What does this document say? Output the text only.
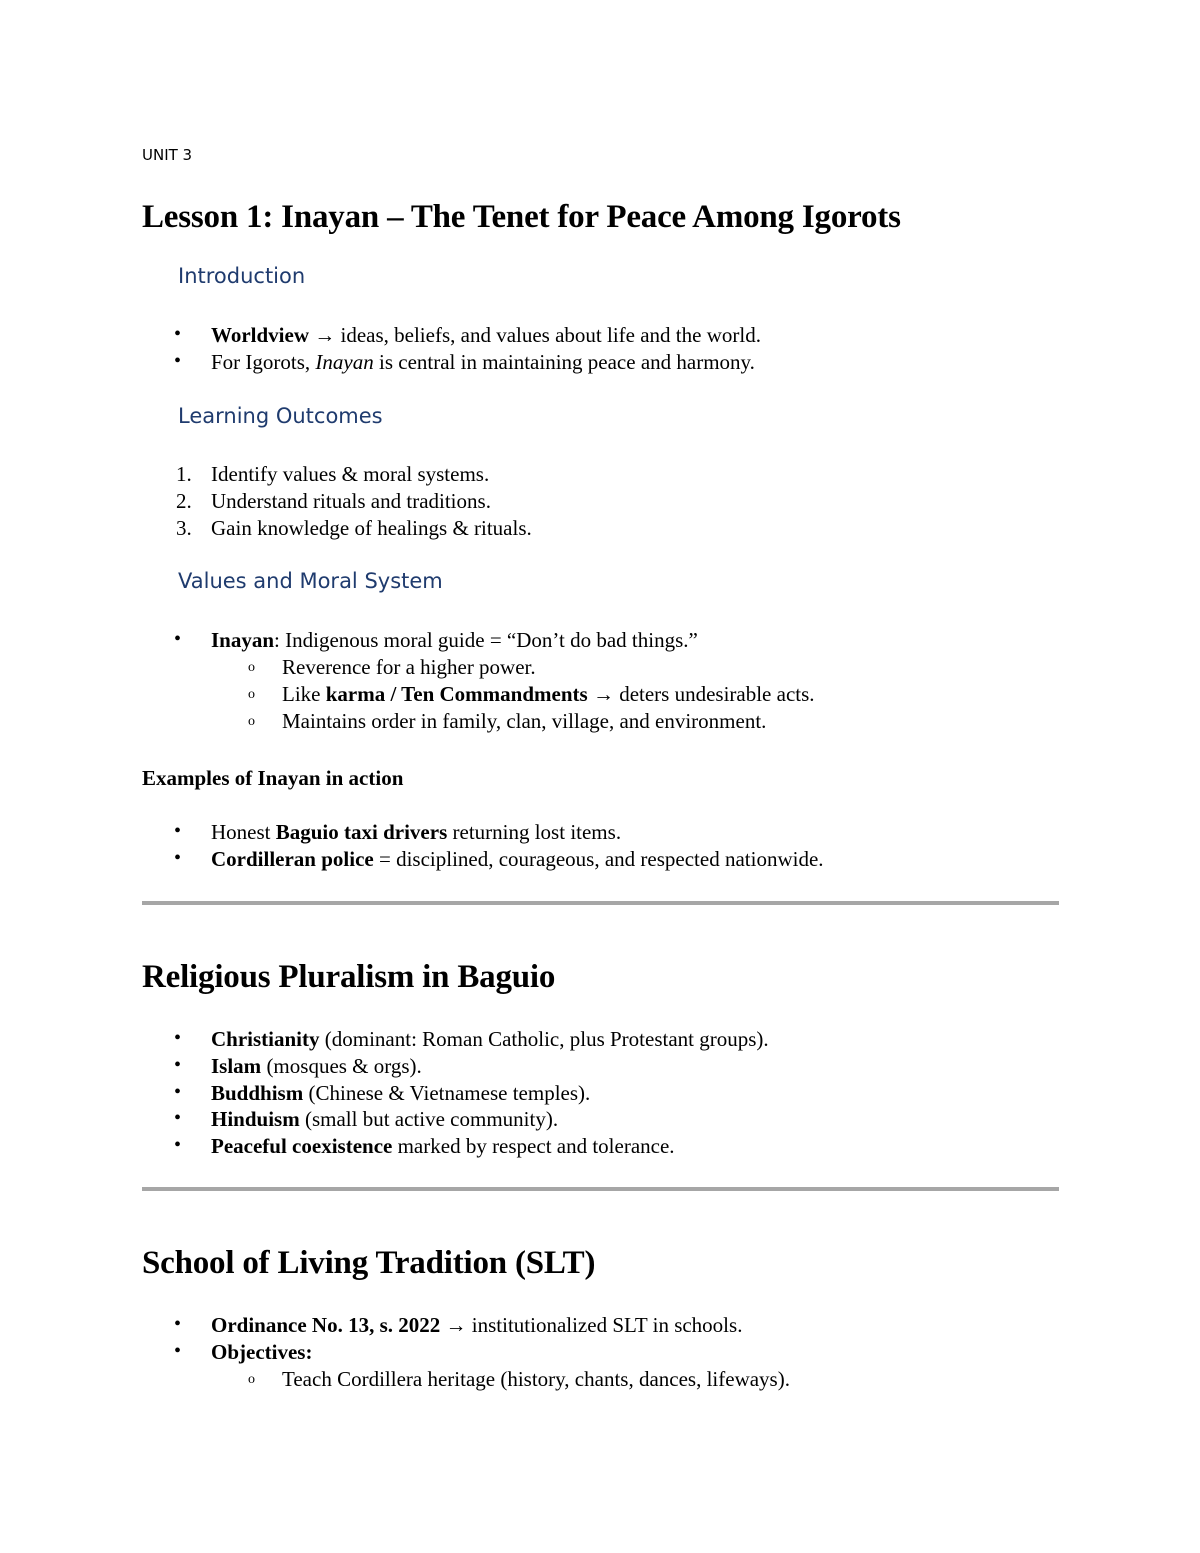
UNIT 3
Lesson 1: Inayan – The Tenet for Peace Among Igorots
Introduction
• Worldview → ideas, beliefs, and values about life and the world.
• For Igorots, Inayan is central in maintaining peace and harmony.
Learning Outcomes
1. Identify values & moral systems.
2. Understand rituals and traditions.
3. Gain knowledge of healings & rituals.
Values and Moral System
• Inayan: Indigenous moral guide = “Don’t do bad things.”
o Reverence for a higher power.
o Like karma / Ten Commandments → deters undesirable acts.
o Maintains order in family, clan, village, and environment.
Examples of Inayan in action
• Honest Baguio taxi drivers returning lost items.
• Cordilleran police = disciplined, courageous, and respected nationwide.
Religious Pluralism in Baguio
• Christianity (dominant: Roman Catholic, plus Protestant groups).
• Islam (mosques & orgs).
• Buddhism (Chinese & Vietnamese temples).
• Hinduism (small but active community).
• Peaceful coexistence marked by respect and tolerance.
School of Living Tradition (SLT)
• Ordinance No. 13, s. 2022 → institutionalized SLT in schools.
• Objectives:
o Teach Cordillera heritage (history, chants, dances, lifeways).
